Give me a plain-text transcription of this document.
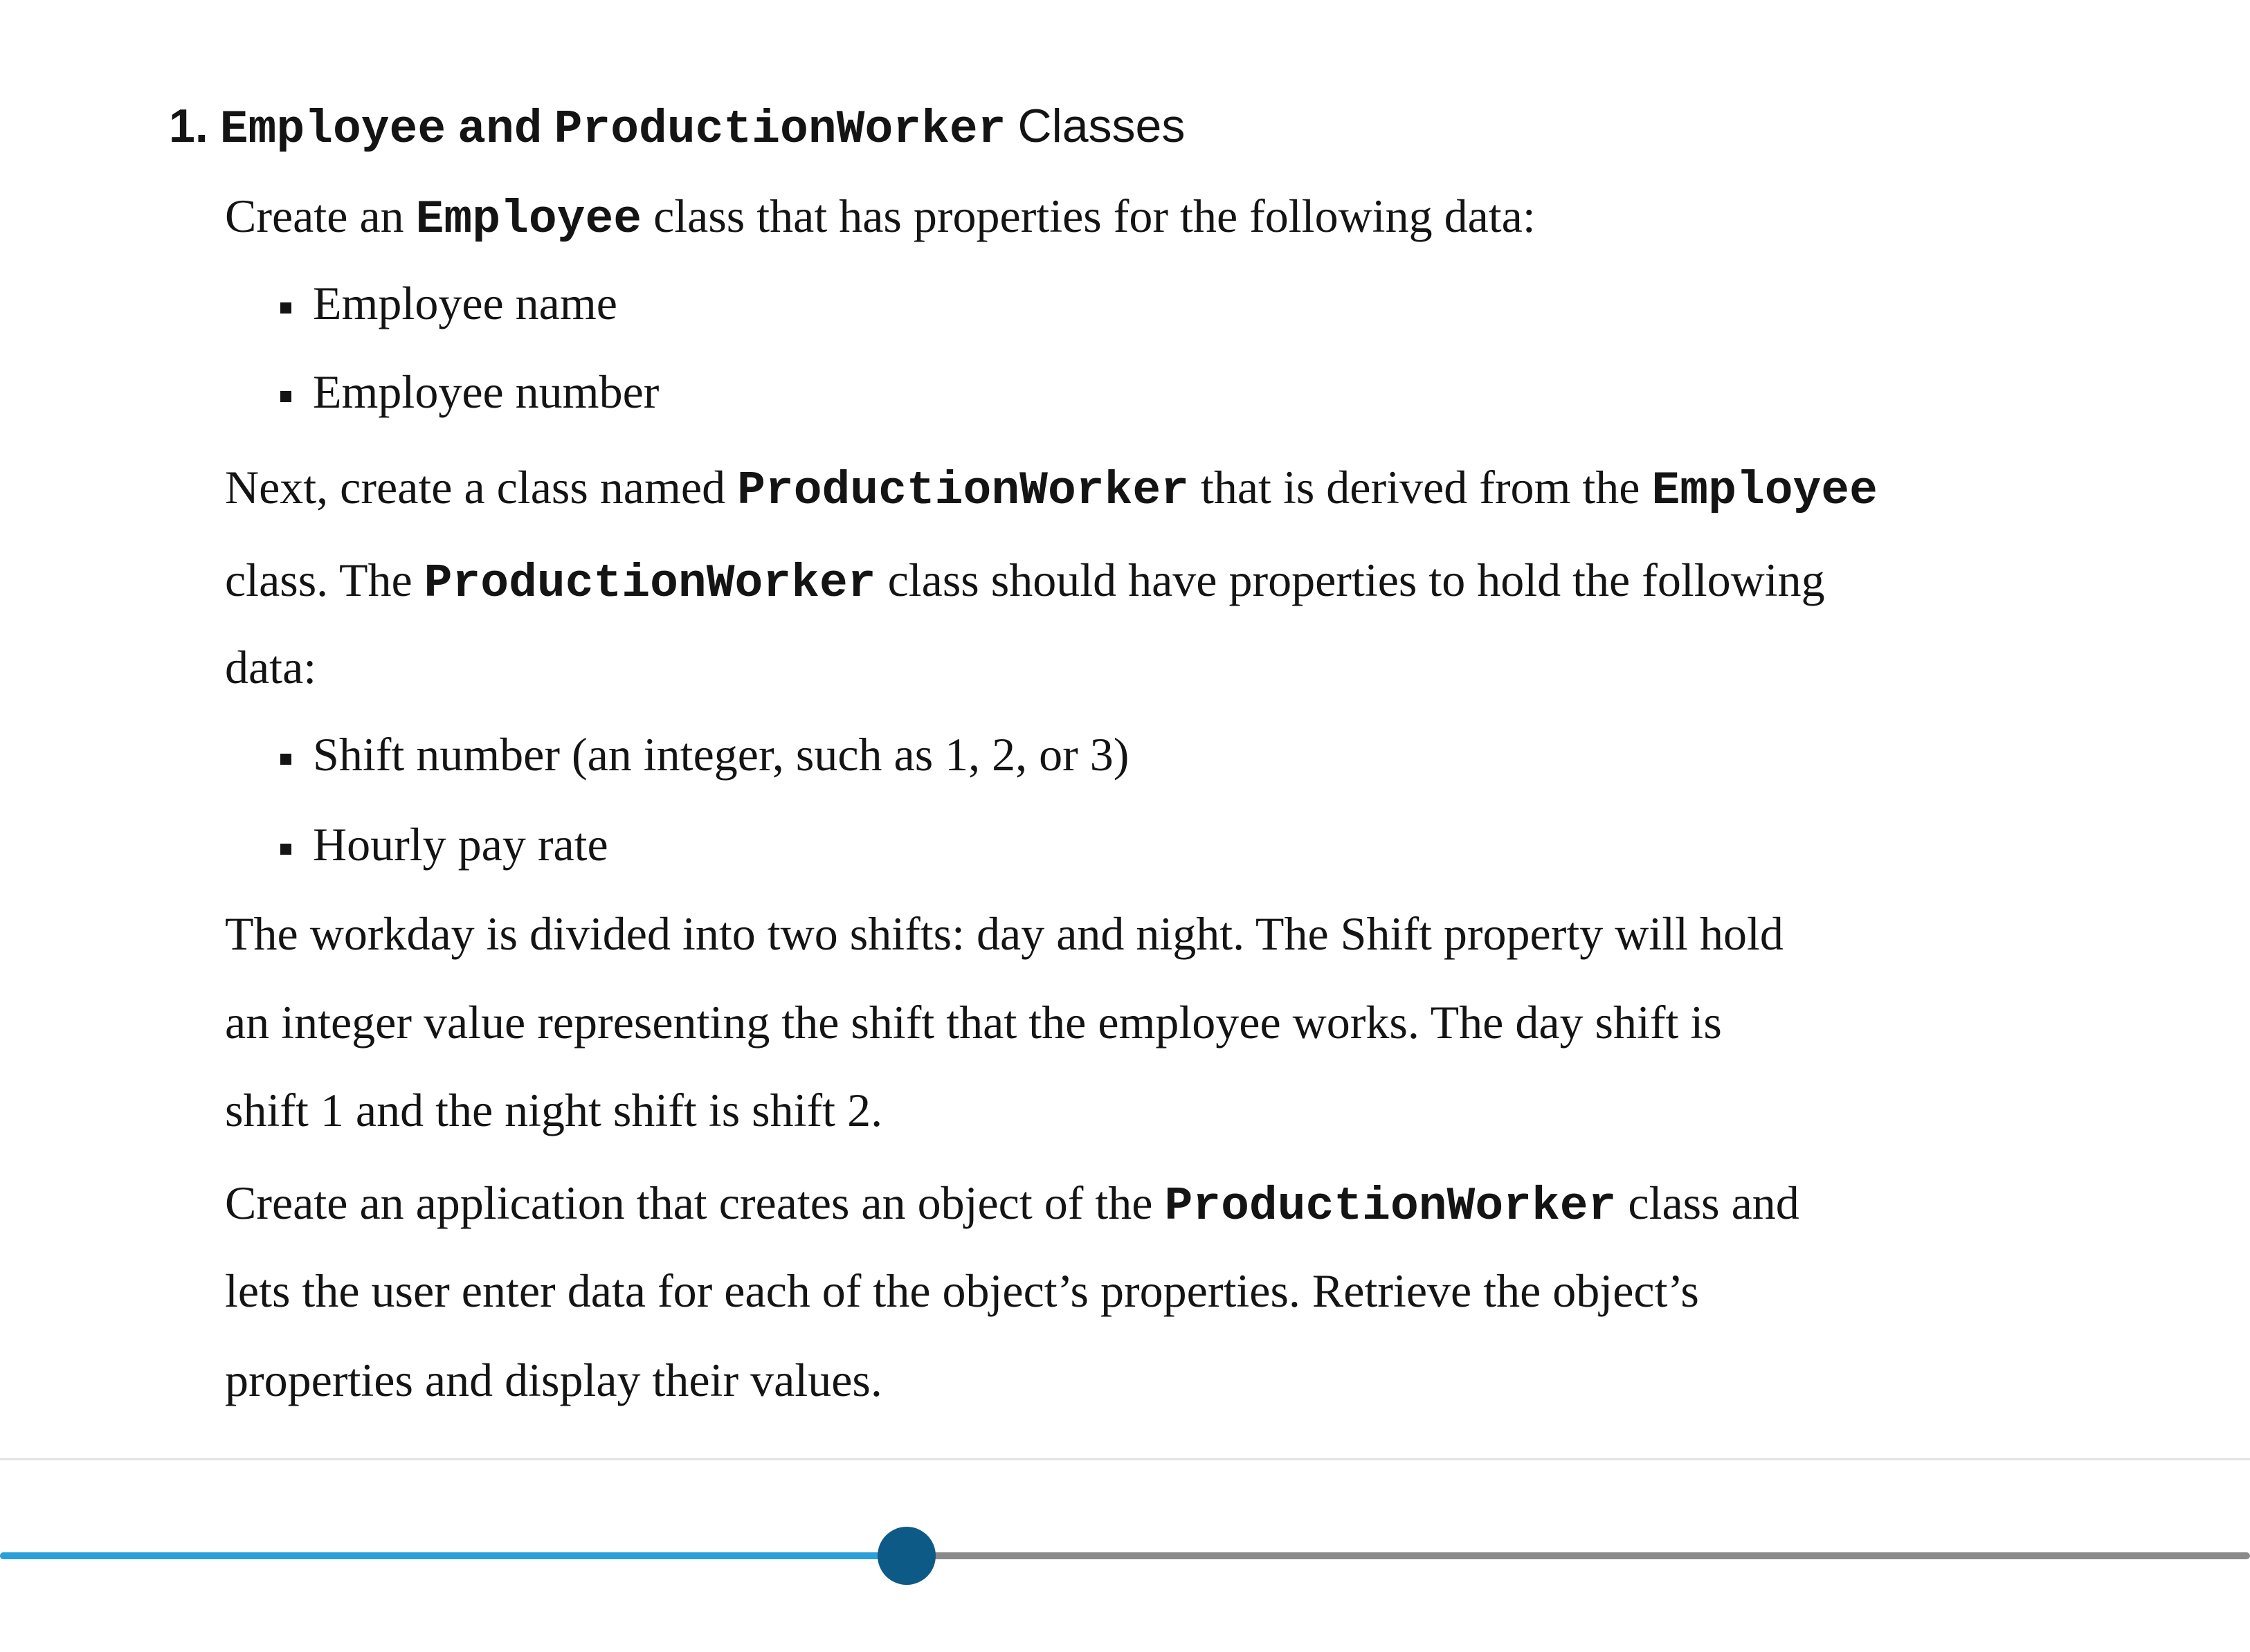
1. Employee and ProductionWorker Classes
Create an Employee class that has properties for the following data:
Employee name
Employee number
Next, create a class named ProductionWorker that is derived from the Employee
class. The ProductionWorker class should have properties to hold the following
data:
Shift number (an integer, such as 1, 2, or 3)
Hourly pay rate
The workday is divided into two shifts: day and night. The Shift property will hold
an integer value representing the shift that the employee works. The day shift is
shift 1 and the night shift is shift 2.
Create an application that creates an object of the ProductionWorker class and
lets the user enter data for each of the object’s properties. Retrieve the object’s
properties and display their values.
